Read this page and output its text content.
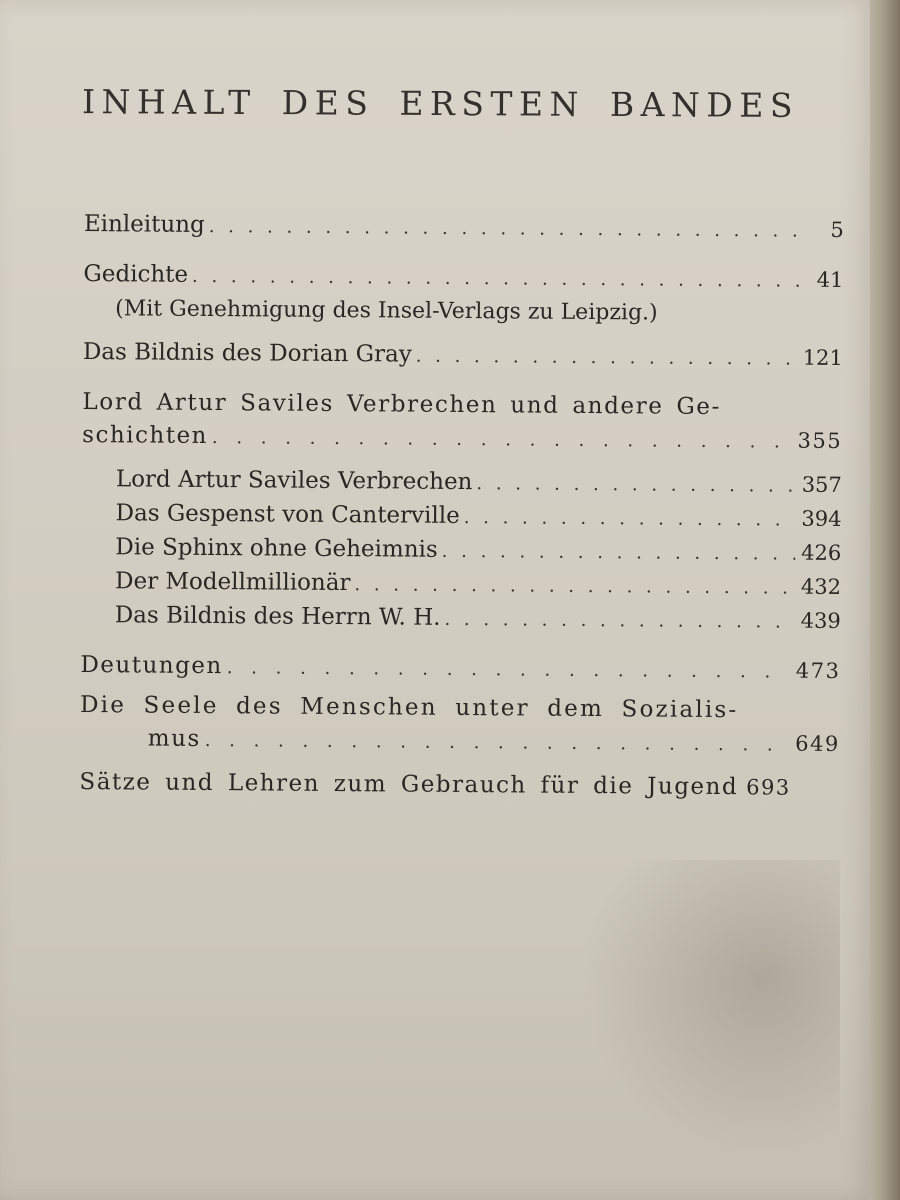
INHALT DES ERSTEN BANDES
Einleitung . . .	5
Gedichte . . .	41
(Mit Genehmigung des Insel-Verlags zu Leipzig.)
Das Bildnis des Dorian Gray . . .	121
Lord Artur Saviles Verbrechen und andere Ge-
schichten . . .	355
Lord Artur Saviles Verbrechen . . .	357
Das Gespenst von Canterville . . .	394
Die Sphinx ohne Geheimnis . . .	426
Der Modellmillionär . . .	432
Das Bildnis des Herrn W. H. . . .	439
Deutungen . . .	473
Die Seele des Menschen unter dem Sozialis-
mus . . .	649
Sätze und Lehren zum Gebrauch für die Jugend 693
